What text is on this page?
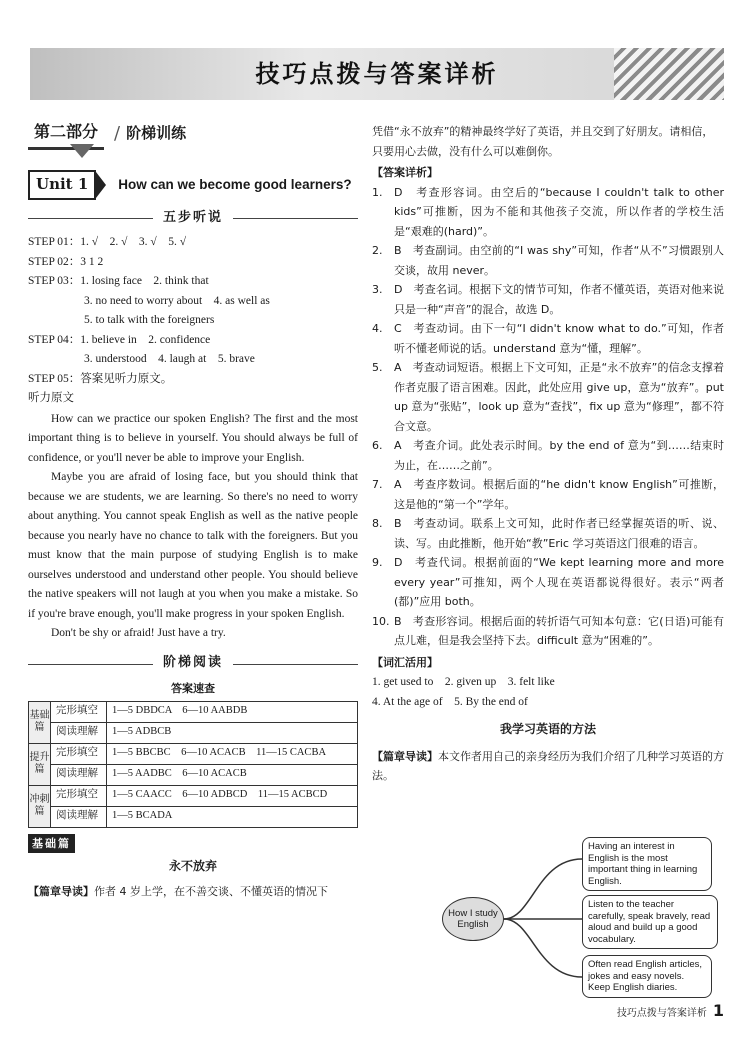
技巧点拨与答案详析
第二部分 / 阶梯训练
Unit 1	How can we become good learners?
五步听说
STEP 01：1. √　2. √　3. √　5. √
STEP 02：3 1 2
STEP 03：1. losing face　2. think that
3. no need to worry about　4. as well as
5. to talk with the foreigners
STEP 04：1. believe in　2. confidence
3. understood　4. laugh at　5. brave
STEP 05：答案见听力原文。
听力原文

How can we practice our spoken English? The first and the most important thing is to believe in yourself. You should always be full of confidence, or you'll never be able to improve your English.

Maybe you are afraid of losing face, but you should think that because we are students, we are learning. So there's no need to worry about anything. You cannot speak English as well as the native people because you nearly have no chance to talk with the foreigners. But you must know that the main purpose of studying English is to make ourselves understood and understand other people. You should believe the native speakers will not laugh at you when you make a mistake. So if you're brave enough, you'll make progress in your spoken English.

Don't be shy or afraid! Just have a try.

阶梯阅读
答案速查
基础篇	完形填空	1—5 DBDCA　6—10 AABDB
	阅读理解	1—5 ADBCB
提升篇	完形填空	1—5 BBCBC　6—10 ACACB　11—15 CACBA
	阅读理解	1—5 AADBC　6—10 ACACB
冲刺篇	完形填空	1—5 CAACC　6—10 ADBCD　11—15 ACBCD
	阅读理解	1—5 BCADA
基础篇
永不放弃
【篇章导读】作者 4 岁上学，在不善交谈、不懂英语的情况下
凭借“永不放弃”的精神最终学好了英语，并且交到了好朋友。请相信，只要用心去做，没有什么可以难倒你。
【答案详析】
1.	D　考查形容词。由空后的“because I couldn't talk to other kids”可推断，因为不能和其他孩子交流，所以作者的学校生活是“艰难的(hard)”。
2.	B　考查副词。由空前的“I was shy”可知，作者“从不”习惯跟别人交谈，故用 never。
3.	D　考查名词。根据下文的情节可知，作者不懂英语，英语对他来说只是一种“声音”的混合，故选 D。
4.	C　考查动词。由下一句“I didn't know what to do.”可知，作者听不懂老师说的话。understand 意为“懂，理解”。
5.	A　考查动词短语。根据上下文可知，正是“永不放弃”的信念支撑着作者克服了语言困难。因此，此处应用 give up，意为“放弃”。put up 意为“张贴”，look up 意为“查找”，fix up 意为“修理”，都不符合文意。
6.	A　考查介词。此处表示时间。by the end of 意为“到……结束时为止，在……之前”。
7.	A　考查序数词。根据后面的“he didn't know English”可推断，这是他的“第一个”学年。
8.	B　考查动词。联系上文可知，此时作者已经掌握英语的听、说、读、写。由此推断，他开始“教”Eric 学习英语这门很难的语言。
9.	D　考查代词。根据前面的“We kept learning more and more every year”可推知，两个人现在英语都说得很好。表示“两者(都)”应用 both。
10. B　考查形容词。根据后面的转折语气可知本句意：它(日语)可能有点儿难，但是我会坚持下去。difficult 意为“困难的”。
【词汇活用】
1. get used to　2. given up　3. felt like
4. At the age of　5. By the end of
我学习英语的方法
【篇章导读】本文作者用自己的亲身经历为我们介绍了几种学习英语的方法。
How I study English
Having an interest in English is the most important thing in learning English.
Listen to the teacher carefully, speak bravely, read aloud and build up a good vocabulary.
Often read English articles, jokes and easy novels. Keep English diaries.
技巧点拨与答案详析 1
